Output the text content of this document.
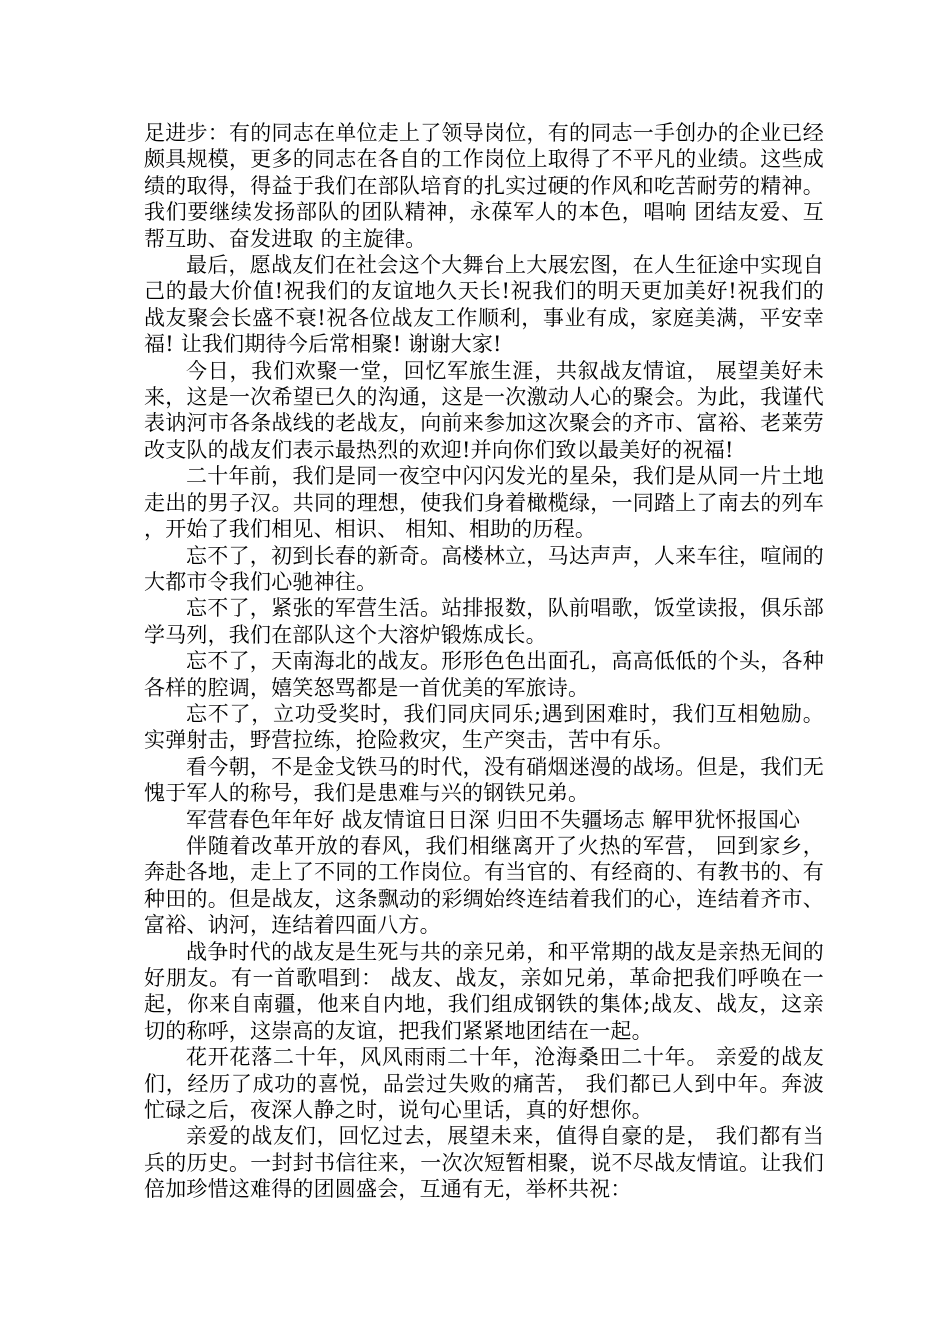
足进步：有的同志在单位走上了领导岗位，有的同志一手创办的企业已经颇具规模，更多的同志在各自的工作岗位上取得了不平凡的业绩。这些成绩的取得，得益于我们在部队培育的扎实过硬的作风和吃苦耐劳的精神。我们要继续发扬部队的团队精神，永葆军人的本色，唱响 团结友爱、互帮互助、奋发进取 的主旋律。

最后，愿战友们在社会这个大舞台上大展宏图，在人生征途中实现自己的最大价值!祝我们的友谊地久天长!祝我们的明天更加美好!祝我们的战友聚会长盛不衰!祝各位战友工作顺利，事业有成，家庭美满，平安幸福! 让我们期待今后常相聚! 谢谢大家!

今日，我们欢聚一堂，回忆军旅生涯，共叙战友情谊， 展望美好未来，这是一次希望已久的沟通，这是一次激动人心的聚会。为此，我谨代表讷河市各条战线的老战友，向前来参加这次聚会的齐市、富裕、老莱劳改支队的战友们表示最热烈的欢迎!并向你们致以最美好的祝福!

二十年前，我们是同一夜空中闪闪发光的星朵，我们是从同一片土地走出的男子汉。共同的理想，使我们身着橄榄绿，一同踏上了南去的列车，开始了我们相见、相识、 相知、相助的历程。

忘不了，初到长春的新奇。高楼林立，马达声声，人来车往，喧闹的大都市令我们心驰神往。

忘不了，紧张的军营生活。站排报数，队前唱歌，饭堂读报，俱乐部学马列，我们在部队这个大溶炉锻炼成长。

忘不了，天南海北的战友。形形色色出面孔，高高低低的个头，各种各样的腔调，嬉笑怒骂都是一首优美的军旅诗。

忘不了，立功受奖时，我们同庆同乐;遇到困难时，我们互相勉励。实弹射击，野营拉练，抢险救灾，生产突击，苦中有乐。

看今朝，不是金戈铁马的时代，没有硝烟迷漫的战场。但是，我们无愧于军人的称号，我们是患难与兴的钢铁兄弟。

军营春色年年好 战友情谊日日深 归田不失疆场志 解甲犹怀报国心

伴随着改革开放的春风，我们相继离开了火热的军营， 回到家乡，奔赴各地，走上了不同的工作岗位。有当官的、有经商的、有教书的、有种田的。但是战友，这条飘动的彩绸始终连结着我们的心，连结着齐市、富裕、讷河，连结着四面八方。

战争时代的战友是生死与共的亲兄弟，和平常期的战友是亲热无间的好朋友。有一首歌唱到： 战友、战友，亲如兄弟，革命把我们呼唤在一起，你来自南疆，他来自内地，我们组成钢铁的集体;战友、战友，这亲切的称呼，这崇高的友谊，把我们紧紧地团结在一起。

花开花落二十年，风风雨雨二十年，沧海桑田二十年。 亲爱的战友们，经历了成功的喜悦，品尝过失败的痛苦， 我们都已人到中年。奔波忙碌之后，夜深人静之时，说句心里话，真的好想你。

亲爱的战友们，回忆过去，展望未来，值得自豪的是， 我们都有当兵的历史。一封封书信往来，一次次短暂相聚，说不尽战友情谊。让我们倍加珍惜这难得的团圆盛会，互通有无，举杯共祝：
